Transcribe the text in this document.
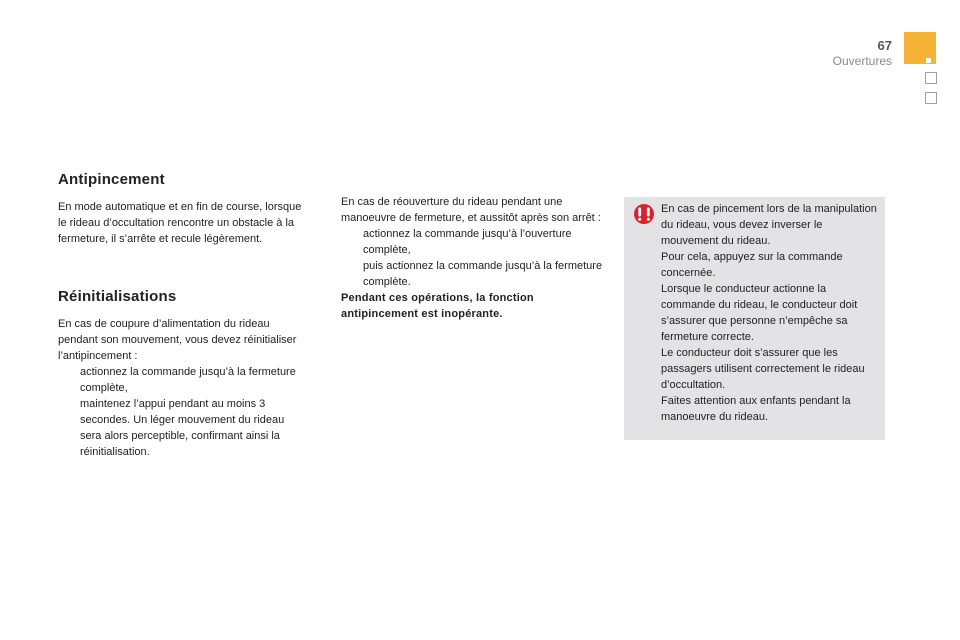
67
Ouvertures
Antipincement

En mode automatique et en fin de course, lorsque le rideau d’occultation rencontre un obstacle à la fermeture, il s’arrête et recule légèrement.

Réinitialisations

En cas de coupure d’alimentation du rideau pendant son mouvement, vous devez réinitialiser l’antipincement :

actionnez la commande jusqu’à la fermeture complète,
maintenez l’appui pendant au moins 3 secondes. Un léger mouvement du rideau sera alors perceptible, confirmant ainsi la réinitialisation.

En cas de réouverture du rideau pendant une manoeuvre de fermeture, et aussitôt après son arrêt :

actionnez la commande jusqu’à l’ouverture complète,
puis actionnez la commande jusqu’à la fermeture complète.

Pendant ces opérations, la fonction antipincement est inopérante.

En cas de pincement lors de la manipulation du rideau, vous devez inverser le mouvement du rideau.

Pour cela, appuyez sur la commande concernée.

Lorsque le conducteur actionne la commande du rideau, le conducteur doit s’assurer que personne n’empêche sa fermeture correcte.

Le conducteur doit s’assurer que les passagers utilisent correctement le rideau d’occultation.

Faites attention aux enfants pendant la manoeuvre du rideau.
